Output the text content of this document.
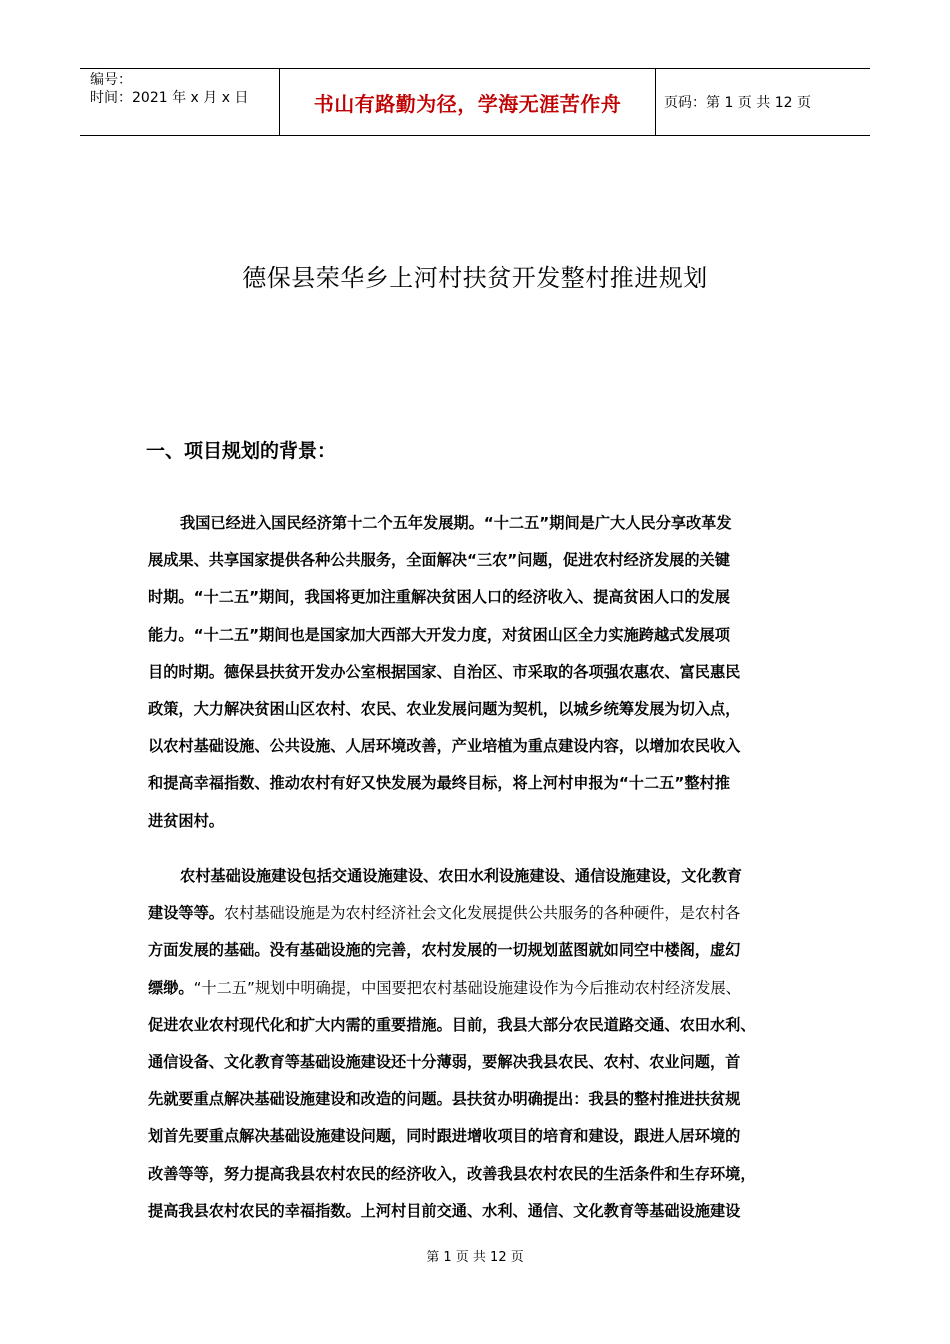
编号：
时间：2021 年 x 月 x 日	书山有路勤为径，学海无涯苦作舟	页码：第 1 页 共 12 页
德保县荣华乡上河村扶贫开发整村推进规划
一、项目规划的背景：
我国已经进入国民经济第十二个五年发展期。“十二五”期间是广大人民分享改革发
展成果、共享国家提供各种公共服务，全面解决“三农”问题，促进农村经济发展的关键
时期。“十二五”期间，我国将更加注重解决贫困人口的经济收入、提高贫困人口的发展
能力。“十二五”期间也是国家加大西部大开发力度，对贫困山区全力实施跨越式发展项
目的时期。德保县扶贫开发办公室根据国家、自治区、市采取的各项强农惠农、富民惠民
政策，大力解决贫困山区农村、农民、农业发展问题为契机，以城乡统筹发展为切入点，
以农村基础设施、公共设施、人居环境改善，产业培植为重点建设内容，以增加农民收入
和提高幸福指数、推动农村有好又快发展为最终目标，将上河村申报为“十二五”整村推
进贫困村。
农村基础设施建设包括交通设施建设、农田水利设施建设、通信设施建设，文化教育
建设等等。农村基础设施是为农村经济社会文化发展提供公共服务的各种硬件，是农村各
方面发展的基础。没有基础设施的完善，农村发展的一切规划蓝图就如同空中楼阁，虚幻
缥缈。“十二五”规划中明确提，中国要把农村基础设施建设作为今后推动农村经济发展、
促进农业农村现代化和扩大内需的重要措施。目前，我县大部分农民道路交通、农田水利、
通信设备、文化教育等基础设施建设还十分薄弱，要解决我县农民、农村、农业问题，首
先就要重点解决基础设施建设和改造的问题。县扶贫办明确提出：我县的整村推进扶贫规
划首先要重点解决基础设施建设问题，同时跟进增收项目的培育和建设，跟进人居环境的
改善等等，努力提高我县农村农民的经济收入，改善我县农村农民的生活条件和生存环境，
提高我县农村农民的幸福指数。上河村目前交通、水利、通信、文化教育等基础设施建设
第 1 页 共 12 页
